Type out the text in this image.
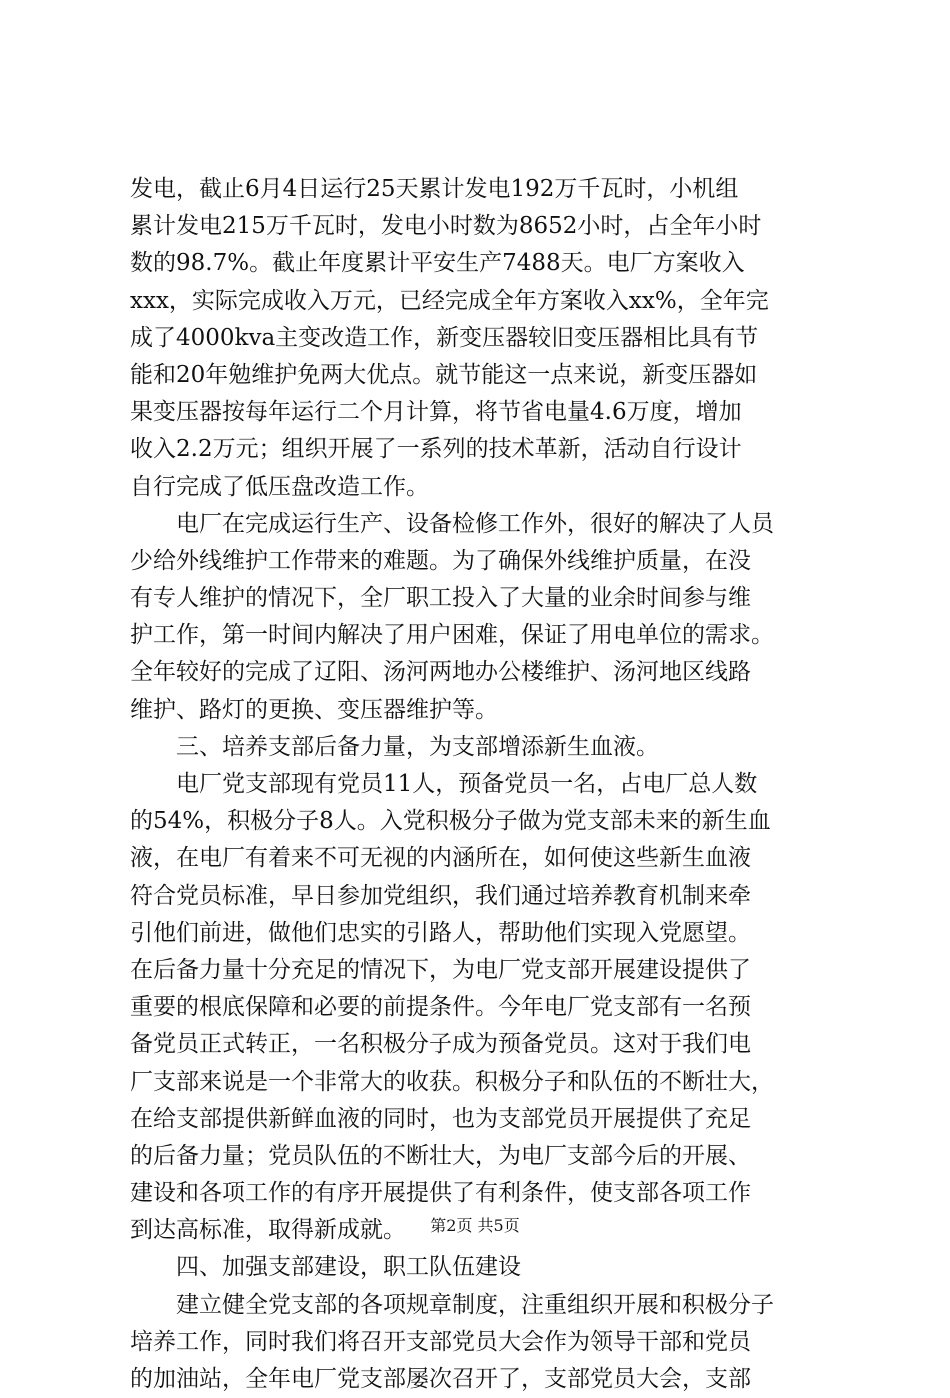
发电，截止6月4日运行25天累计发电192万千瓦时，小机组
累计发电215万千瓦时，发电小时数为8652小时，占全年小时
数的98.7%。截止年度累计平安生产7488天。电厂方案收入
xxx，实际完成收入万元，已经完成全年方案收入xx%，全年完
成了4000kva主变改造工作，新变压器较旧变压器相比具有节
能和20年勉维护免两大优点。就节能这一点来说，新变压器如
果变压器按每年运行二个月计算，将节省电量4.6万度，增加
收入2.2万元；组织开展了一系列的技术革新，活动自行设计
自行完成了低压盘改造工作。
电厂在完成运行生产、设备检修工作外，很好的解决了人员
少给外线维护工作带来的难题。为了确保外线维护质量，在没
有专人维护的情况下，全厂职工投入了大量的业余时间参与维
护工作，第一时间内解决了用户困难，保证了用电单位的需求。
全年较好的完成了辽阳、汤河两地办公楼维护、汤河地区线路
维护、路灯的更换、变压器维护等。
三、培养支部后备力量，为支部增添新生血液。
电厂党支部现有党员11人，预备党员一名，占电厂总人数
的54%，积极分子8人。入党积极分子做为党支部未来的新生血
液，在电厂有着来不可无视的内涵所在，如何使这些新生血液
符合党员标准，早日参加党组织，我们通过培养教育机制来牵
引他们前进，做他们忠实的引路人，帮助他们实现入党愿望。
在后备力量十分充足的情况下，为电厂党支部开展建设提供了
重要的根底保障和必要的前提条件。今年电厂党支部有一名预
备党员正式转正，一名积极分子成为预备党员。这对于我们电
厂支部来说是一个非常大的收获。积极分子和队伍的不断壮大，
在给支部提供新鲜血液的同时，也为支部党员开展提供了充足
的后备力量；党员队伍的不断壮大，为电厂支部今后的开展、
建设和各项工作的有序开展提供了有利条件，使支部各项工作
到达高标准，取得新成就。
四、加强支部建设，职工队伍建设
建立健全党支部的各项规章制度，注重组织开展和积极分子
培养工作，同时我们将召开支部党员大会作为领导干部和党员
的加油站，全年电厂党支部屡次召开了，支部党员大会，支部
第2页 共5页
